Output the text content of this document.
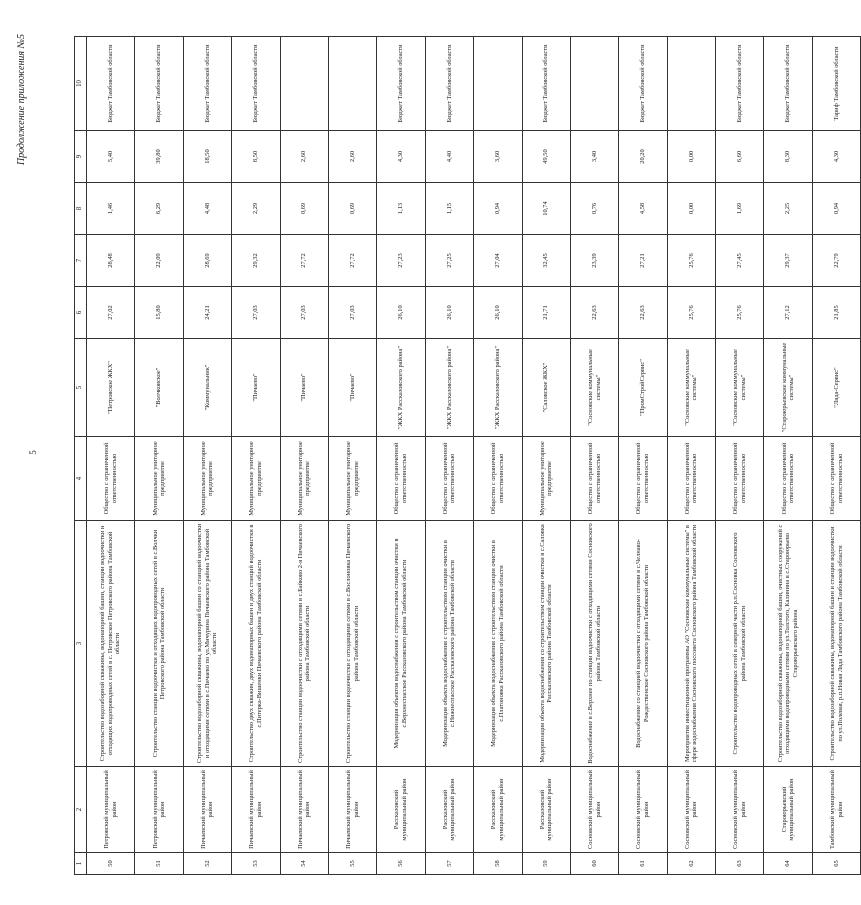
Продолжение приложения №5
5
1	2	3	4	5	6	7	8	9	10
50	Петровский муниципальный район	Строительство водозаборной скважины, водонапорной башни, станции водоочистки и отходящих водопроводных сетей в с. Петровское Петровского района Тамбовской области	Общество с ограниченной ответственностью	"Петровское ЖКХ"	27,02	28,48	1,46	5,40	Бюджет Тамбовской области
51	Петровский муниципальный район	Строительство станции водоочистки и отходящих водопроводных сетей в с.Волчки Петровского района Тамбовской области	Муниципальное унитарное предприятие	"Волчковское"	15,80	22,09	6,29	39,80	Бюджет Тамбовской области
52	Пичаевский муниципальный район	Строительство водозаборной скважины, водонапорной башни со станцией водоочистки и отходящими сетями в с.Пичаево по ул.Мичурина Пичаевского района Тамбовской области	Муниципальное унитарное предприятие	"Коммунальник"	24,21	28,69	4,48	18,50	Бюджет Тамбовской области
53	Пичаевский муниципальный район	Строительство двух скважин, двух водонапорных башен и двух станций водоочистки в с.Питерка-Вишенки Пичаевского района Тамбовской области	Муниципальное унитарное предприятие	"Пичаево"	27,03	29,32	2,29	8,50	Бюджет Тамбовской области
54	Пичаевский муниципальный район	Строительство станции водоочистки с отходящими сетями в с.Байково 2-я Пичаевского района Тамбовской области	Муниципальное унитарное предприятие	"Пичаево"	27,03	27,72	0,69	2,60	
55	Пичаевский муниципальный район	Строительство станции водоочистки с отходящими сетями в с.Вослоновка Пичаевского района Тамбовской области	Муниципальное унитарное предприятие	"Пичаево"	27,03	27,72	0,69	2,60	
56	Рассказовский муниципальный район	Модернизация объектов водоснабжения с строительством станции очистки в с.Верхнеспасское Рассказовского района Тамбовской области	Общество с ограниченной ответственностью	"ЖКХ Рассказовского района"	26,10	27,23	1,13	4,30	Бюджет Тамбовской области
57	Рассказовский муниципальный район	Модернизация объекта водоснабжения с строительством станции очистки в с.Нижнеспасское Рассказовского района Тамбовской области	Общество с ограниченной ответственностью	"ЖКХ Рассказовского района"	26,10	27,25	1,15	4,40	Бюджет Тамбовской области
58	Рассказовский муниципальный район	Модернизация объекта водоснабжения с строительством станции очистки в с.Платоновка Рассказовского района Тамбовской области	Общество с ограниченной ответственностью	"ЖКХ Рассказовского района"	26,10	27,04	0,94	3,60	
59	Рассказовский муниципальный район	Модернизация объекта водоснабжения со строительством станции очистки в с.Саловка Рассказовского района Тамбовской области	Муниципальное унитарное предприятие	"Саловское ЖКХ"	21,71	32,45	10,74	49,50	Бюджет Тамбовской области
60	Сосновский муниципальный район	Водоснабжение в с.Верхнее по станции водоочистки с отходящими сетями Сосновского района Тамбовской области	Общество с ограниченной ответственностью	"Сосновские коммунальные системы"	22,63	23,39	0,76	3,40	
61	Сосновский муниципальный район	Водоснабжение со станцией водоочистки с отходящими сетями в с.Челнаво-Рождественское Сосновского района Тамбовской области	Общество с ограниченной ответственностью	"ПромСтройСервис"	22,63	27,21	4,58	20,20	Бюджет Тамбовской области
62	Сосновский муниципальный район	Мероприятия инвестиционной программы АО "Сосновские коммунальные системы" в сфере водоснабжения Сосновского поссовета Сосновского района Тамбовской области	Общество с ограниченной ответственностью	"Сосновские коммунальные системы"	25,76	25,76	0,00	0,00	
63	Сосновский муниципальный район	Строительство водопроводных сетей в северной части р.п.Сосновка Сосновского района Тамбовской области	Общество с ограниченной ответственностью	"Сосновские коммунальные системы"	25,76	27,45	1,69	6,60	Бюджет Тамбовской области
64	Староюрьевский муниципальный район	Строительство водозаборной скважины, водонапорной башни, очистных сооружений с отходящими водопроводными сетями по ул.Толстого, Калинина в с.Староюрьево Староюрьевского района	Общество с ограниченной ответственностью	"Староюрьевские коммунальные системы"	27,12	29,37	2,25	8,30	Бюджет Тамбовской области
65	Тамбовский муниципальный район	Строительство водозаборной скважины, водонапорной башни и станции водоочистки по ул.Полевая, р.п.Новая Ляда Тамбовского района Тамбовской области	Общество с ограниченной ответственностью	"Ляда-Сервис"	21,85	22,79	0,94	4,30	Тариф Тамбовской области
